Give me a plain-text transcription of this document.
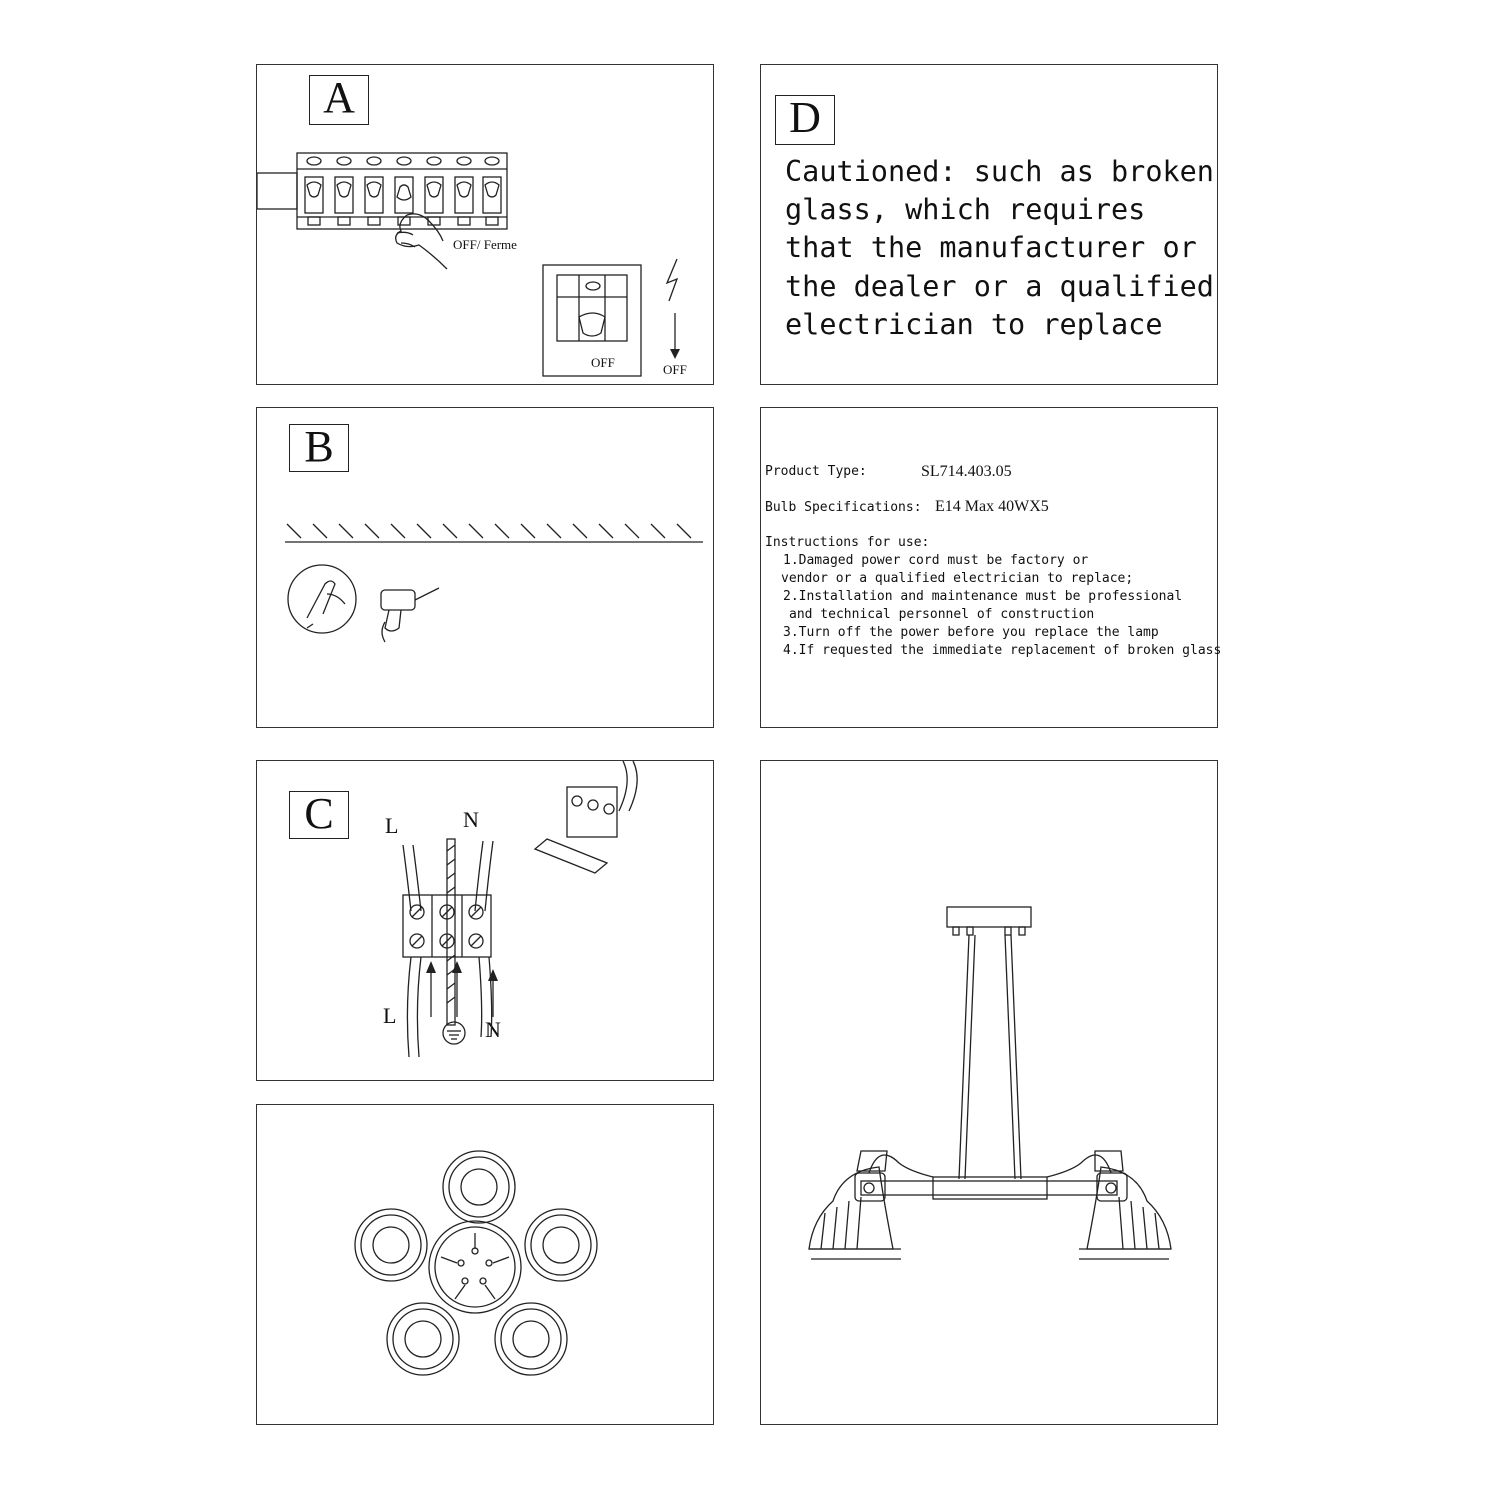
A
OFF/ Ferme
OFF	OFF
D

Cautioned: such as broken
glass, which requires
that the manufacturer or
the dealer or a qualified
electrician to replace

B
Product Type:	SL714.403.05
Bulb Specifications: E14 Max 40WX5
Instructions for use:
1.Damaged power cord must be factory or
vendor or a qualified electrician to replace;
2.Installation and maintenance must be professional
and technical personnel of construction
3.Turn off the power before you replace the lamp
4.If requested the immediate replacement of broken glass
C	L	N
L
N
